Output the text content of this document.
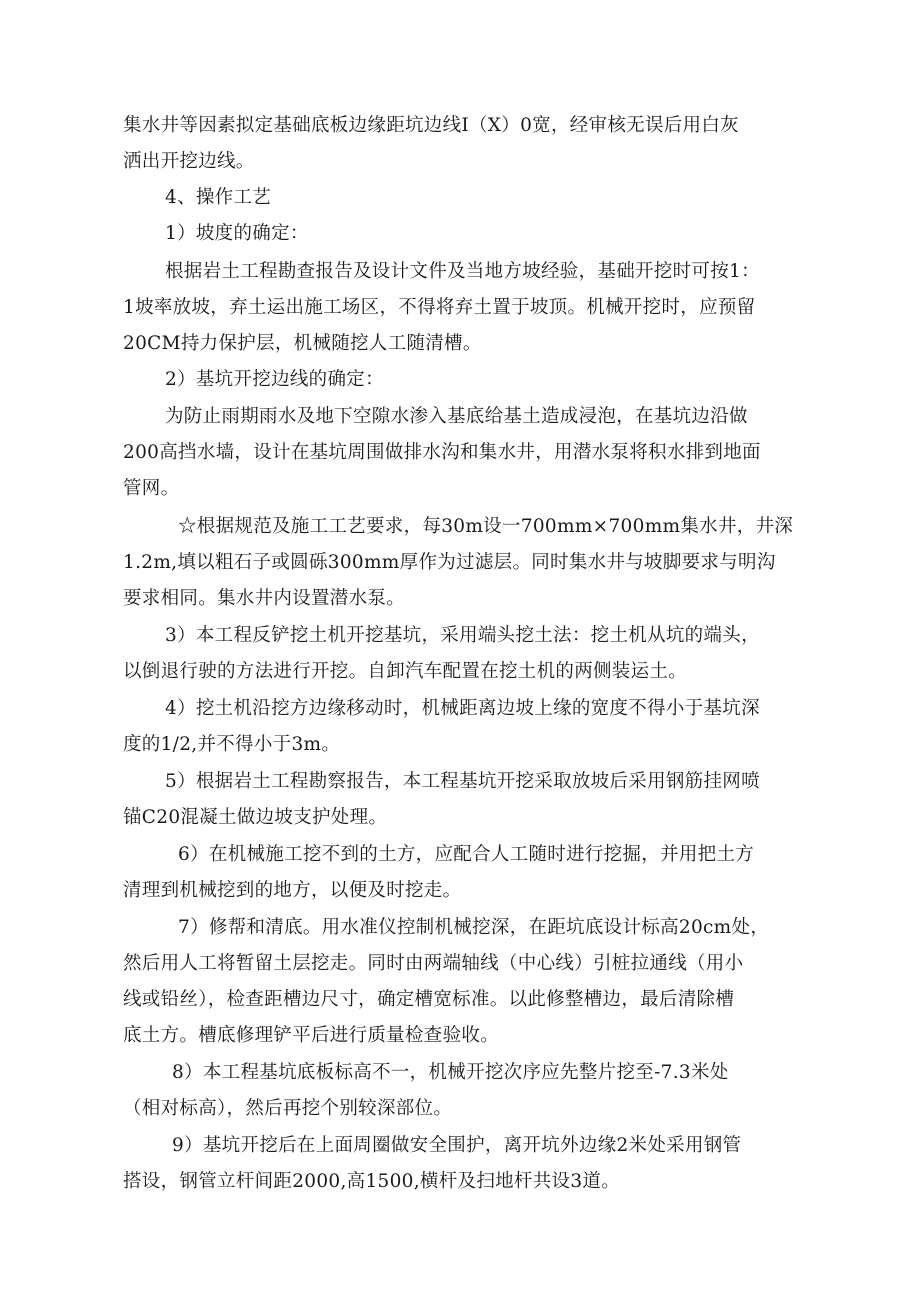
集水井等因素拟定基础底板边缘距坑边线Ⅰ（X）0宽，经审核无误后用白灰
洒出开挖边线。
4、操作工艺
1）坡度的确定：
根据岩土工程勘查报告及设计文件及当地方坡经验，基础开挖时可按1：
1坡率放坡，弃土运出施工场区，不得将弃土置于坡顶。机械开挖时，应预留
20CM持力保护层，机械随挖人工随清槽。
2）基坑开挖边线的确定：
为防止雨期雨水及地下空隙水渗入基底给基土造成浸泡，在基坑边沿做
200高挡水墙，设计在基坑周围做排水沟和集水井，用潜水泵将积水排到地面
管网。
☆根据规范及施工工艺要求，每30m设一700mm×700mm集水井，井深
1.2m,填以粗石子或圆砾300mm厚作为过滤层。同时集水井与坡脚要求与明沟
要求相同。集水井内设置潜水泵。
3）本工程反铲挖土机开挖基坑，采用端头挖土法：挖土机从坑的端头，
以倒退行驶的方法进行开挖。自卸汽车配置在挖土机的两侧装运土。
4）挖土机沿挖方边缘移动时，机械距离边坡上缘的宽度不得小于基坑深
度的1/2,并不得小于3m。
5）根据岩土工程勘察报告，本工程基坑开挖采取放坡后采用钢筋挂网喷
锚C20混凝土做边坡支护处理。
6）在机械施工挖不到的土方，应配合人工随时进行挖掘，并用把土方
清理到机械挖到的地方，以便及时挖走。
7）修帮和清底。用水准仪控制机械挖深，在距坑底设计标高20cm处，
然后用人工将暂留土层挖走。同时由两端轴线（中心线）引桩拉通线（用小
线或铅丝），检查距槽边尺寸，确定槽宽标准。以此修整槽边，最后清除槽
底土方。槽底修理铲平后进行质量检查验收。
8）本工程基坑底板标高不一，机械开挖次序应先整片挖至-7.3米处
（相对标高），然后再挖个别较深部位。
9）基坑开挖后在上面周圈做安全围护，离开坑外边缘2米处采用钢管
搭设，钢管立杆间距2000,高1500,横杆及扫地杆共设3道。
